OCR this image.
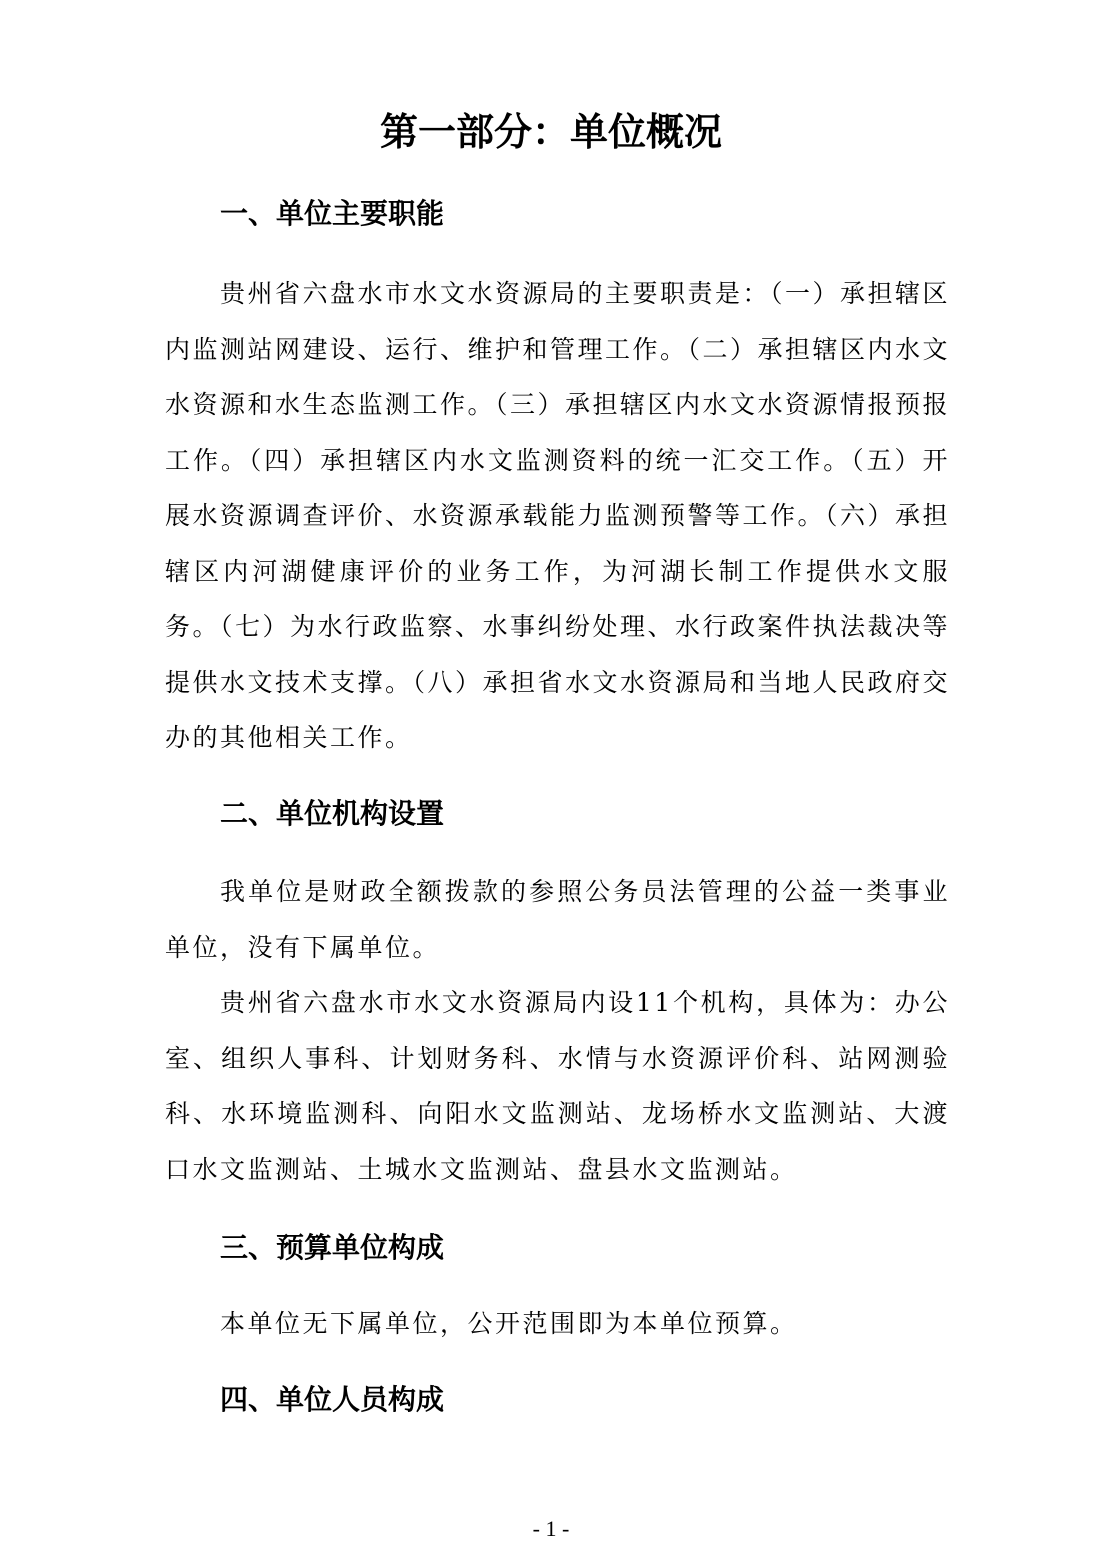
第一部分：单位概况
一、单位主要职能

贵州省六盘水市水文水资源局的主要职责是：（一）承担辖区内监测站网建设、运行、维护和管理工作。（二）承担辖区内水文水资源和水生态监测工作。（三）承担辖区内水文水资源情报预报工作。（四）承担辖区内水文监测资料的统一汇交工作。（五）开展水资源调查评价、水资源承载能力监测预警等工作。（六）承担辖区内河湖健康评价的业务工作，为河湖长制工作提供水文服务。（七）为水行政监察、水事纠纷处理、水行政案件执法裁决等提供水文技术支撑。（八）承担省水文水资源局和当地人民政府交办的其他相关工作。

二、单位机构设置

我单位是财政全额拨款的参照公务员法管理的公益一类事业单位，没有下属单位。

贵州省六盘水市水文水资源局内设11个机构，具体为：办公室、组织人事科、计划财务科、水情与水资源评价科、站网测验科、水环境监测科、向阳水文监测站、龙场桥水文监测站、大渡口水文监测站、土城水文监测站、盘县水文监测站。

三、预算单位构成

本单位无下属单位，公开范围即为本单位预算。

四、单位人员构成
- 1 -
